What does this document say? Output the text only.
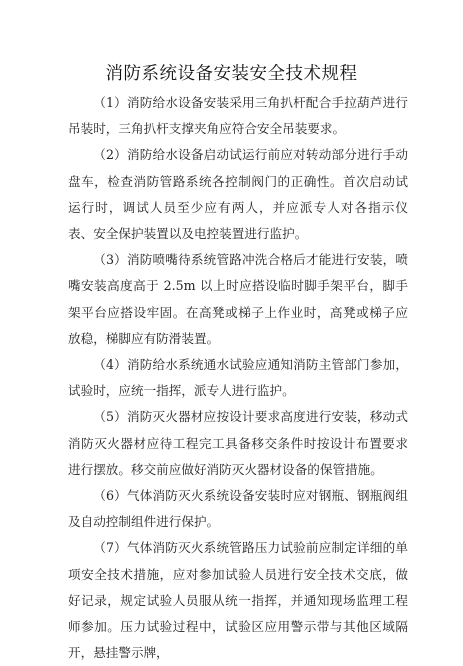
消防系统设备安装安全技术规程

（1）消防给水设备安装采用三角扒杆配合手拉葫芦进行吊装时，三角扒杆支撑夹角应符合安全吊装要求。

（2）消防给水设备启动试运行前应对转动部分进行手动盘车，检查消防管路系统各控制阀门的正确性。首次启动试运行时，调试人员至少应有两人，并应派专人对各指示仪表、安全保护装置以及电控装置进行监护。

（3）消防喷嘴待系统管路冲洗合格后才能进行安装，喷嘴安装高度高于 2.5m 以上时应搭设临时脚手架平台，脚手架平台应搭设牢固。在高凳或梯子上作业时，高凳或梯子应放稳，梯脚应有防滑装置。

（4）消防给水系统通水试验应通知消防主管部门参加，试验时，应统一指挥，派专人进行监护。

（5）消防灭火器材应按设计要求高度进行安装，移动式消防灭火器材应待工程完工具备移交条件时按设计布置要求进行摆放。移交前应做好消防灭火器材设备的保管措施。

（6）气体消防灭火系统设备安装时应对钢瓶、钢瓶阀组及自动控制组件进行保护。

（7）气体消防灭火系统管路压力试验前应制定详细的单项安全技术措施，应对参加试验人员进行安全技术交底，做好记录，规定试验人员服从统一指挥，并通知现场监理工程师参加。压力试验过程中，试验区应用警示带与其他区域隔开，悬挂警示牌，
